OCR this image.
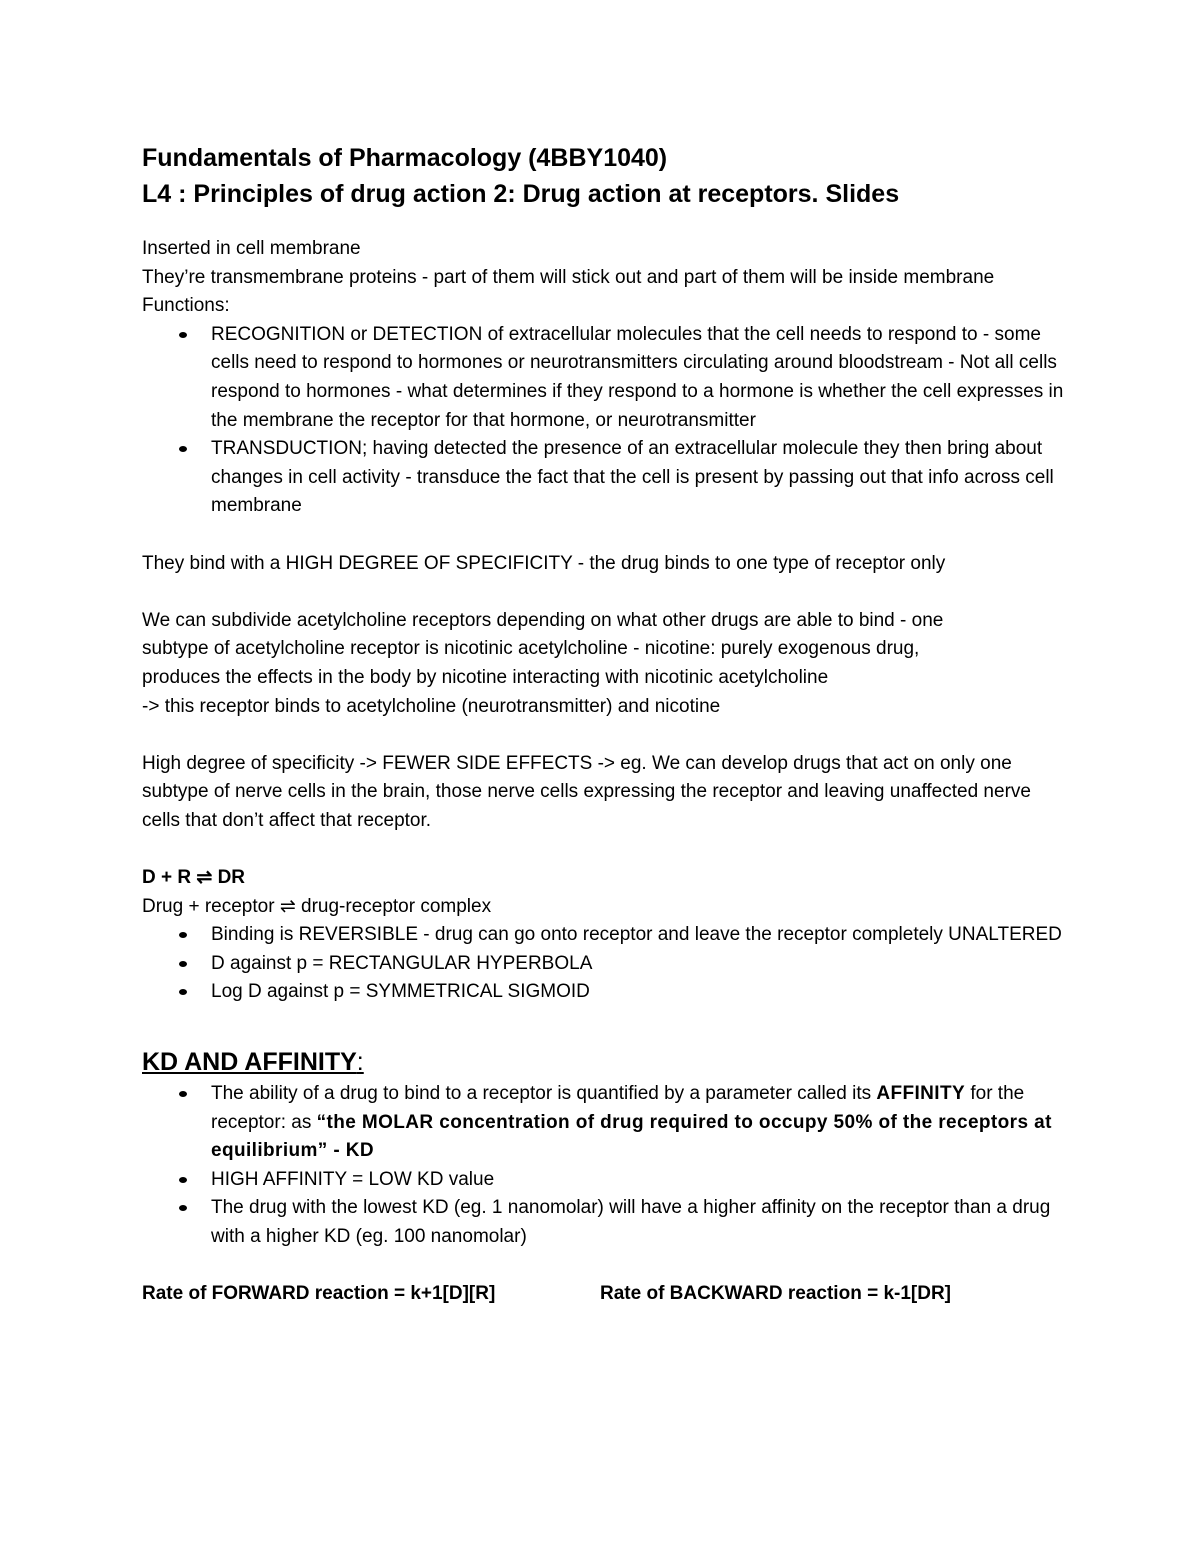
Fundamentals of Pharmacology (4BBY1040)

L4 : Principles of drug action 2: Drug action at receptors. Slides

Inserted in cell membrane

They’re transmembrane proteins - part of them will stick out and part of them will be inside membrane

Functions:

RECOGNITION or DETECTION of extracellular molecules that the cell needs to respond to - some cells need to respond to hormones or neurotransmitters circulating around bloodstream - Not all cells respond to hormones - what determines if they respond to a hormone is whether the cell expresses in the membrane the receptor for that hormone, or neurotransmitter
TRANSDUCTION; having detected the presence of an extracellular molecule they then bring about changes in cell activity - transduce the fact that the cell is present by passing out that info across cell membrane

They bind with a HIGH DEGREE OF SPECIFICITY - the drug binds to one type of receptor only

We can subdivide acetylcholine receptors depending on what other drugs are able to bind - one

subtype of acetylcholine receptor is nicotinic acetylcholine - nicotine: purely exogenous drug,

produces the effects in the body by nicotine interacting with nicotinic acetylcholine

-> this receptor binds to acetylcholine (neurotransmitter) and nicotine

High degree of specificity -> FEWER SIDE EFFECTS -> eg. We can develop drugs that act on only one subtype of nerve cells in the brain, those nerve cells expressing the receptor and leaving unaffected nerve cells that don’t affect that receptor.

D + R ⇌ DR

Drug + receptor ⇌ drug-receptor complex

Binding is REVERSIBLE - drug can go onto receptor and leave the receptor completely UNALTERED
D against p = RECTANGULAR HYPERBOLA
Log D against p = SYMMETRICAL SIGMOID

KD AND AFFINITY:

The ability of a drug to bind to a receptor is quantified by a parameter called its AFFINITY for the receptor: as “the MOLAR concentration of drug required to occupy 50% of the receptors at equilibrium” - KD
HIGH AFFINITY = LOW KD value
The drug with the lowest KD (eg. 1 nanomolar) will have a higher affinity on the receptor than a drug with a higher KD (eg. 100 nanomolar)
Rate of FORWARD reaction = k+1[D][R]	Rate of BACKWARD reaction = k-1[DR]
